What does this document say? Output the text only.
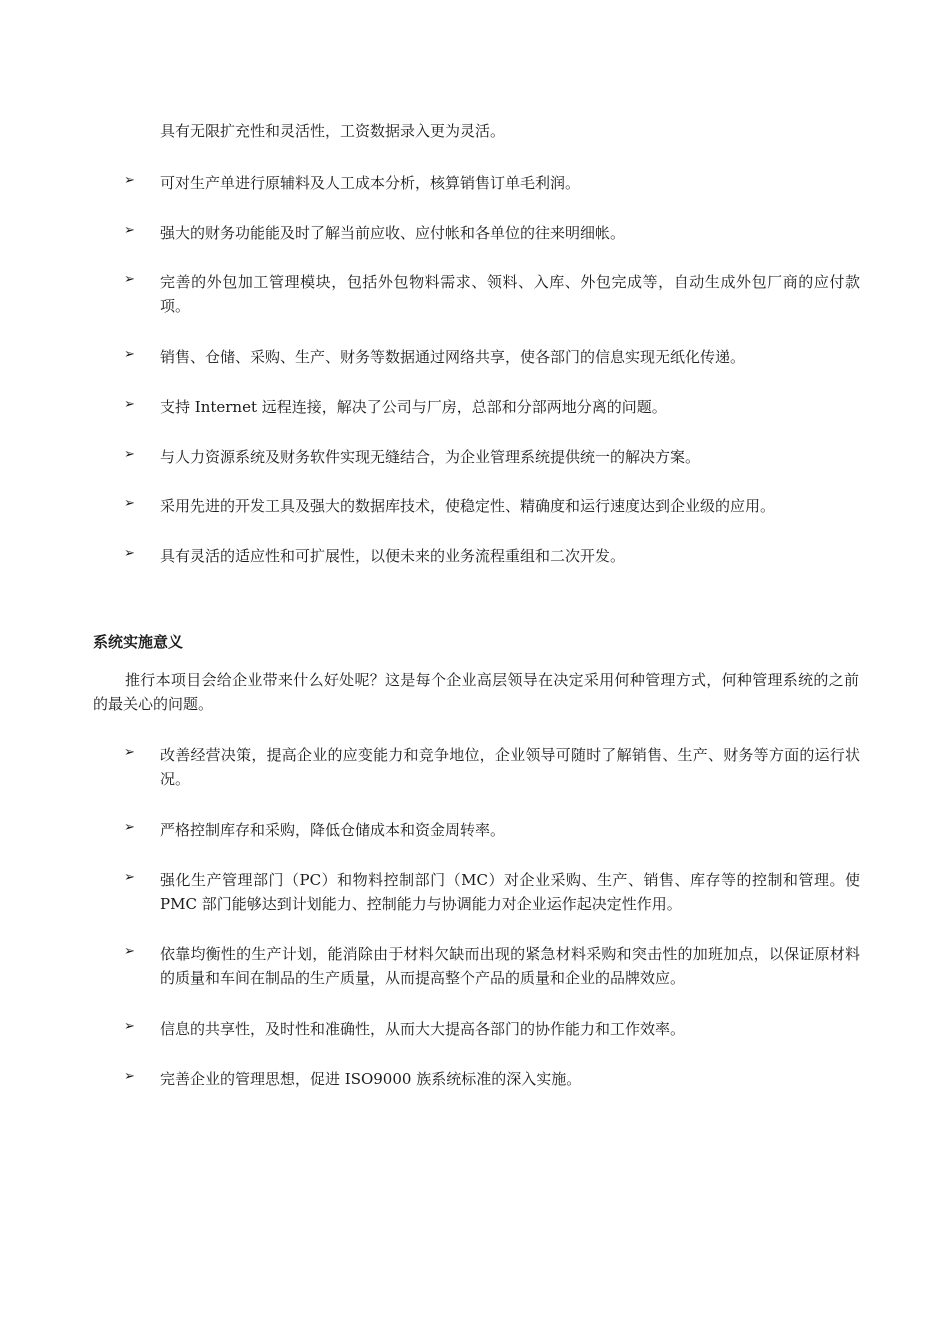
具有无限扩充性和灵活性，工资数据录入更为灵活。
➢ 可对生产单进行原辅料及人工成本分析，核算销售订单毛利润。
➢ 强大的财务功能能及时了解当前应收、应付帐和各单位的往来明细帐。
➢ 完善的外包加工管理模块，包括外包物料需求、领料、入库、外包完成等，自动生成外包厂商的应付款项。
➢ 销售、仓储、采购、生产、财务等数据通过网络共享，使各部门的信息实现无纸化传递。
➢ 支持 Internet 远程连接，解决了公司与厂房，总部和分部两地分离的问题。
➢ 与人力资源系统及财务软件实现无缝结合，为企业管理系统提供统一的解决方案。
➢ 采用先进的开发工具及强大的数据库技术，使稳定性、精确度和运行速度达到企业级的应用。
➢ 具有灵活的适应性和可扩展性，以便未来的业务流程重组和二次开发。
系统实施意义
推行本项目会给企业带来什么好处呢？这是每个企业高层领导在决定采用何种管理方式，何种管理系统的之前的最关心的问题。
➢ 改善经营决策，提高企业的应变能力和竞争地位，企业领导可随时了解销售、生产、财务等方面的运行状况。
➢ 严格控制库存和采购，降低仓储成本和资金周转率。
➢ 强化生产管理部门（PC）和物料控制部门（MC）对企业采购、生产、销售、库存等的控制和管理。使 PMC 部门能够达到计划能力、控制能力与协调能力对企业运作起决定性作用。
➢ 依靠均衡性的生产计划，能消除由于材料欠缺而出现的紧急材料采购和突击性的加班加点，以保证原材料的质量和车间在制品的生产质量，从而提高整个产品的质量和企业的品牌效应。
➢ 信息的共享性，及时性和准确性，从而大大提高各部门的协作能力和工作效率。
➢ 完善企业的管理思想，促进 ISO9000 族系统标准的深入实施。
